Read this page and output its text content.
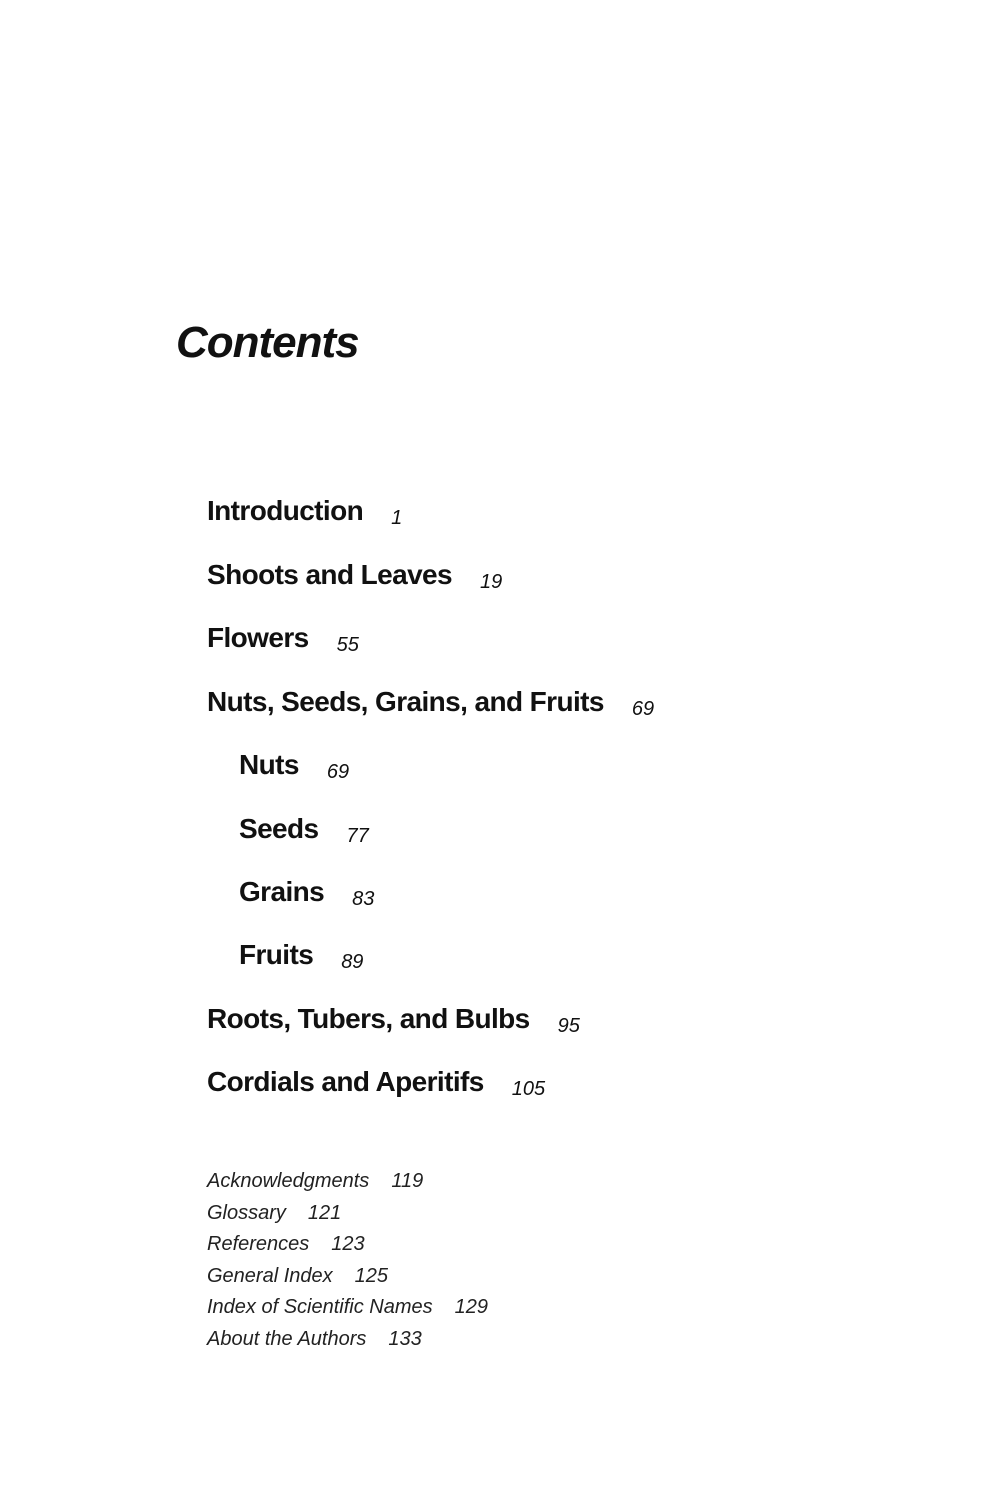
Contents
Introduction 1
Shoots and Leaves 19
Flowers 55
Nuts, Seeds, Grains, and Fruits 69
Nuts 69
Seeds 77
Grains 83
Fruits 89
Roots, Tubers, and Bulbs 95
Cordials and Aperitifs 105
Acknowledgments 119
Glossary 121
References 123
General Index 125
Index of Scientific Names 129
About the Authors 133
